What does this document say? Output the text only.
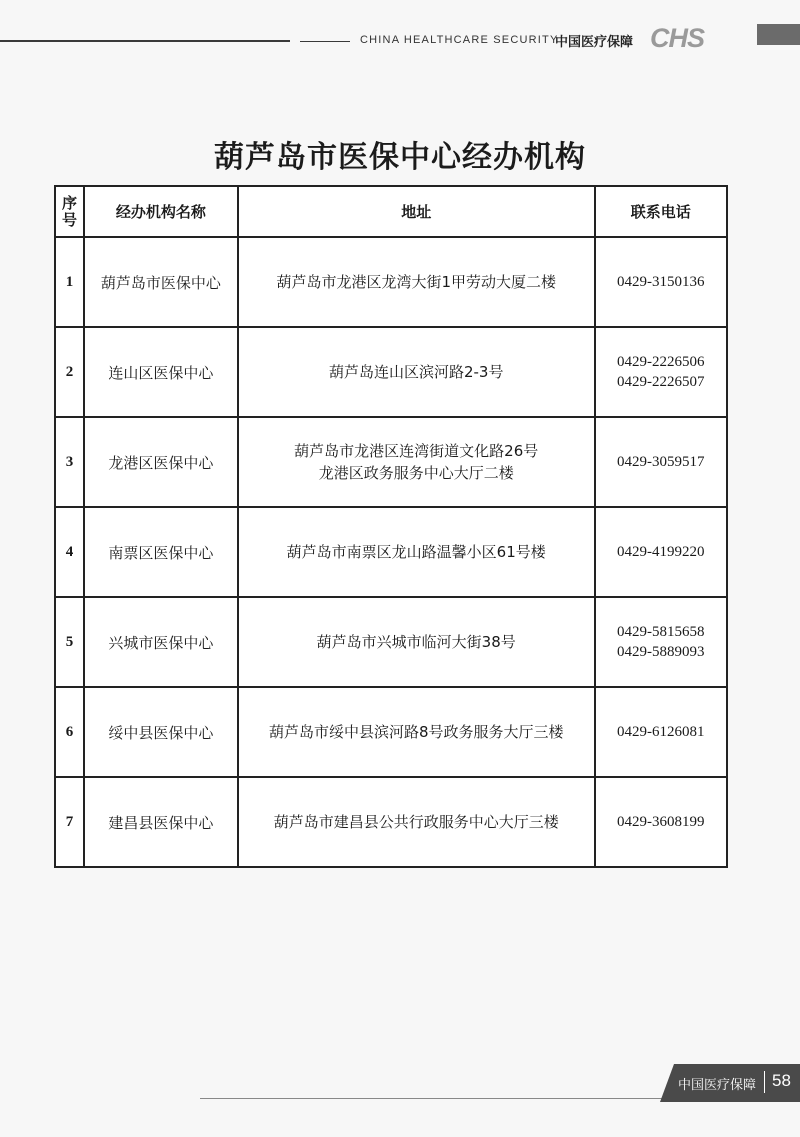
CHINA HEALTHCARE SECURITY
中国医疗保障 CHS
葫芦岛市医保中心经办机构
序
号	经办机构名称	地址	联系电话
1	葫芦岛市医保中心	葫芦岛市龙港区龙湾大街1甲劳动大厦二楼	0429-3150136

2	连山区医保中心	葫芦岛连山区滨河路2-3号	0429-2226506
0429-2226507

3	龙港区医保中心	葫芦岛市龙港区连湾街道文化路26号
龙港区政务服务中心大厅二楼	0429-3059517

4	南票区医保中心	葫芦岛市南票区龙山路温馨小区61号楼	0429-4199220

5	兴城市医保中心	葫芦岛市兴城市临河大街38号	0429-5815658
0429-5889093

6	绥中县医保中心	葫芦岛市绥中县滨河路8号政务服务大厅三楼	0429-6126081

7	建昌县医保中心	葫芦岛市建昌县公共行政服务中心大厅三楼	0429-3608199
中国医疗保障 58
